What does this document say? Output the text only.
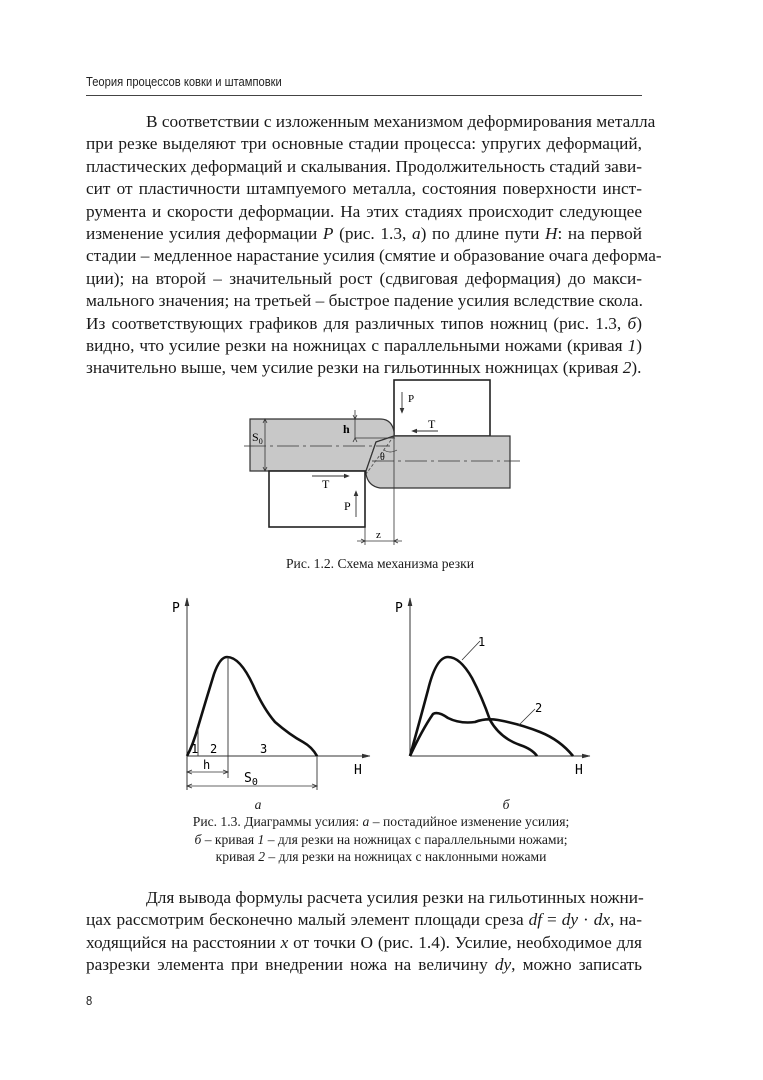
Теория процессов ковки и штамповки
В соответствии с изложенным механизмом деформирования металла
при резке выделяют три основные стадии процесса: упругих деформаций,
пластических деформаций и скалывания. Продолжительность стадий зави-
сит от пластичности штампуемого металла, состояния поверхности инст-
румента и скорости деформации. На этих стадиях происходит следующее
изменение усилия деформации P (рис. 1.3, а) по длине пути H: на первой
стадии – медленное нарастание усилия (смятие и образование очага деформа-
ции); на второй – значительный рост (сдвиговая деформация) до макси-
мального значения; на третьей – быстрое падение усилия вследствие скола.
Из соответствующих графиков для различных типов ножниц (рис. 1.3, б)
видно, что усилие резки на ножницах с параллельными ножами (кривая 1)
значительно выше, чем усилие резки на гильотинных ножницах (кривая 2).
$S_0$
h
θ
P
T
T
P
z
Рис. 1.2. Схема механизма резки
P
H
1 2	3
h
$S_0$
P
H
1
2
а	б
Рис. 1.3. Диаграммы усилия: а – постадийное изменение усилия;
б – кривая 1 – для резки на ножницах с параллельными ножами;
кривая 2 – для резки на ножницах с наклонными ножами
Для вывода формулы расчета усилия резки на гильотинных ножни-
цах рассмотрим бесконечно малый элемент площади среза df = dy · dx, на-
ходящийся на расстоянии x от точки О (рис. 1.4). Усилие, необходимое для
разрезки элемента при внедрении ножа на величину dy, можно записать
8
